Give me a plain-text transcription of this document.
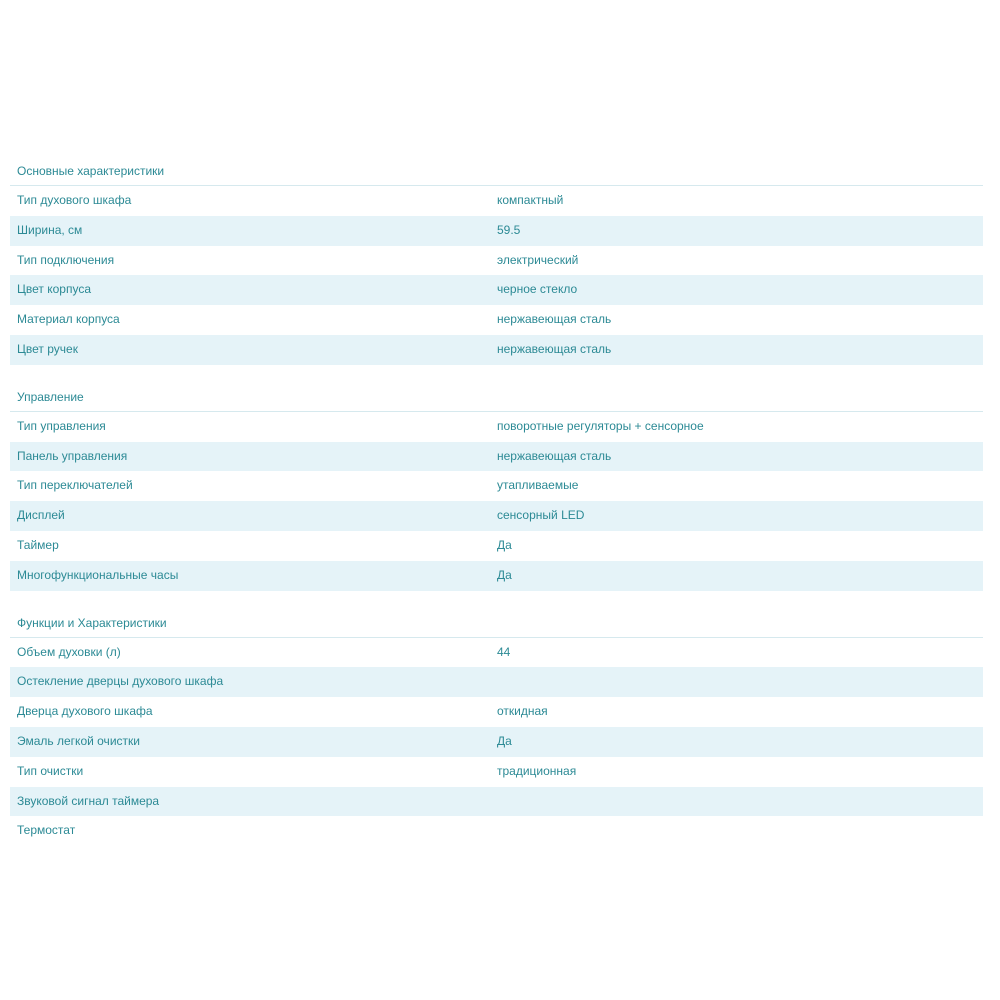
Основные характеристики
Тип духового шкафа	компактный
Ширина, см	59.5
Тип подключения	электрический
Цвет корпуса	черное стекло
Материал корпуса	нержавеющая сталь
Цвет ручек	нержавеющая сталь
Управление
Тип управления	поворотные регуляторы + сенсорное
Панель управления	нержавеющая сталь
Тип переключателей	утапливаемые
Дисплей	сенсорный LED
Таймер	Да
Многофункциональные часы	Да
Функции и Характеристики
Объем духовки (л)	44
Остекление дверцы духового шкафа
Дверца духового шкафа	откидная
Эмаль легкой очистки	Да
Тип очистки	традиционная
Звуковой сигнал таймера
Термостат
